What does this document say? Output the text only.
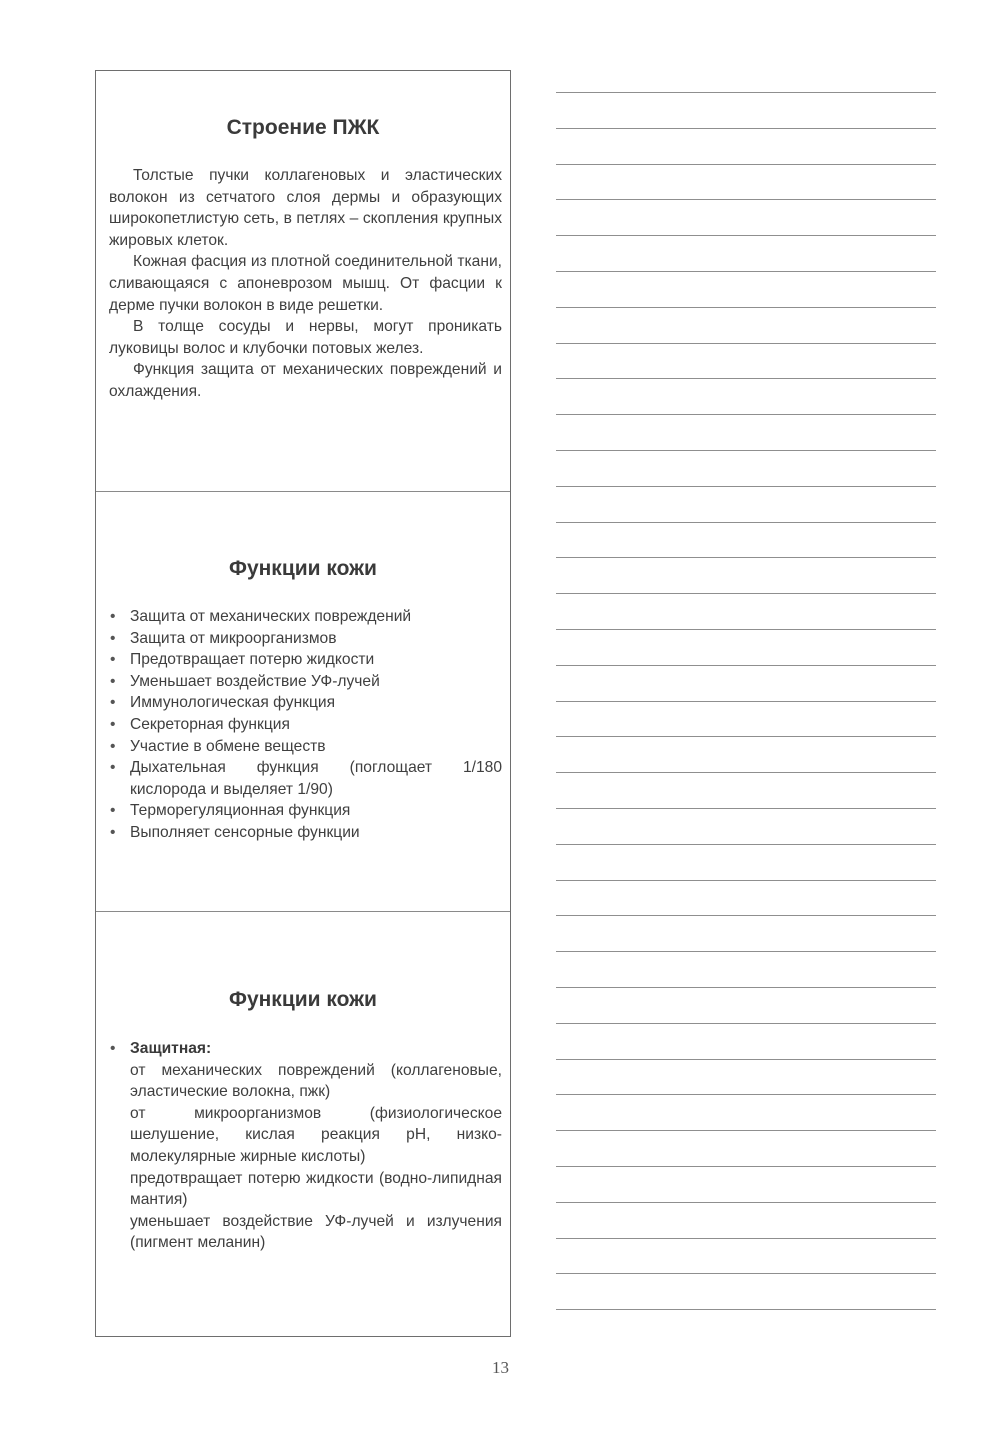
Строение ПЖК

Толстые пучки коллагеновых и эластических волокон из сетчатого слоя дермы и образующих широкопетлистую сеть, в петлях – скопления крупных жировых клеток.

Кожная фасция из плотной соединительной ткани, сливающаяся с апоневрозом мышц. От фасции к дерме пучки волокон в виде решетки.

В толще сосуды и нервы, могут проникать луковицы волос и клубочки потовых желез.

Функция защита от механических повреждений и охлаждения.

Функции кожи
• Защита от механических повреждений
• Защита от микроорганизмов
• Предотвращает потерю жидкости
• Уменьшает воздействие УФ-лучей
• Иммунологическая функция
• Секреторная функция
• Участие в обмене веществ
• Дыхательная функция (поглощает 1/180 кислорода и выделяет 1/90)
• Терморегуляционная функция
• Выполняет сенсорные функции
Функции кожи
• Защитная:
от механических повреждений (коллагеновые, эластические волокна, пжк)
от микроорганизмов (физиологическое шелушение, кислая реакция pH, низкомолекулярные жирные кислоты)
предотвращает потерю жидкости (водно-липидная мантия)
уменьшает воздействие УФ-лучей и излучения (пигмент меланин)
13
